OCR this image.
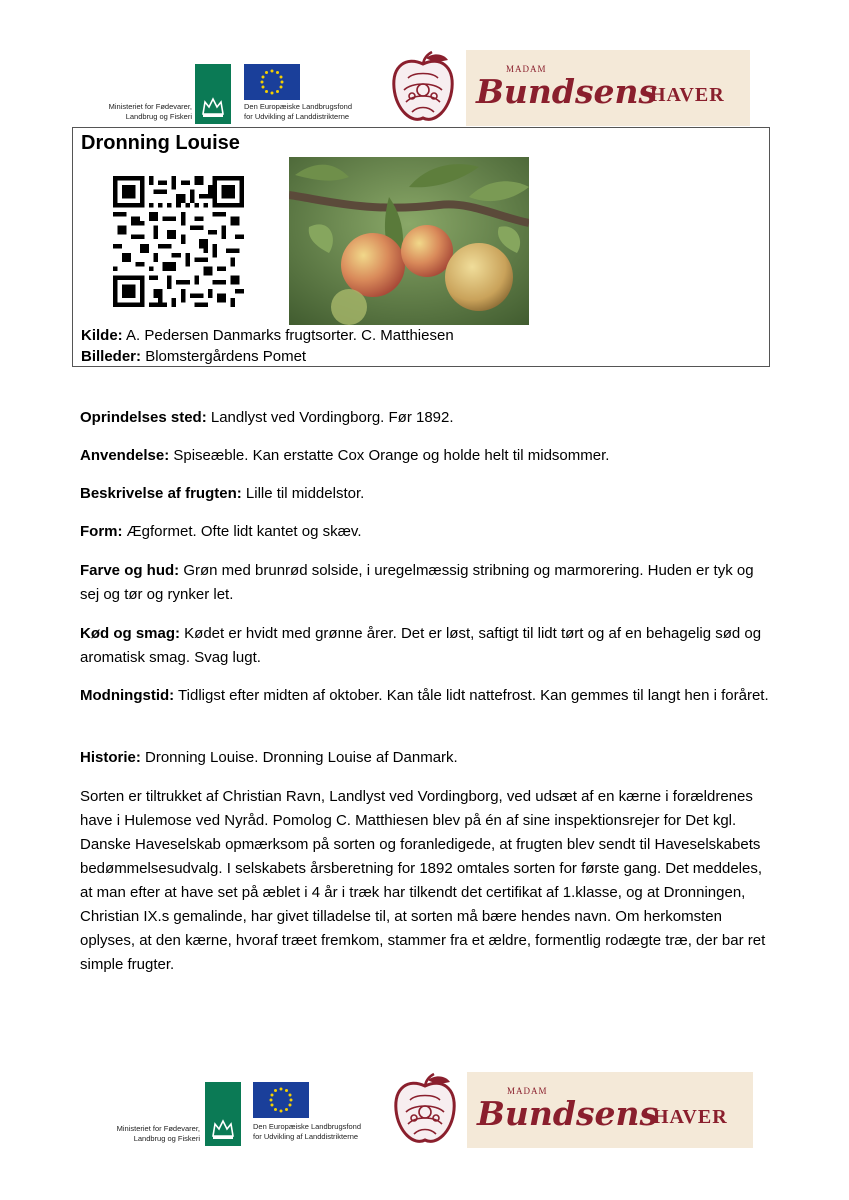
Ministeriet for Fødevarer,
Landbrug og Fiskeri
Den Europæiske Landbrugsfond
for Udvikling af Landdistrikterne
MADAM
Bundsens
HAVER
Dronning Louise
Kilde: A. Pedersen Danmarks frugtsorter. C. Matthiesen
Billeder: Blomstergårdens Pomet
Oprindelses sted: Landlyst ved Vordingborg. Før 1892.
Anvendelse: Spiseæble. Kan erstatte Cox Orange og holde helt til midsommer.
Beskrivelse af frugten: Lille til middelstor.
Form: Ægformet. Ofte lidt kantet og skæv.
Farve og hud: Grøn med brunrød solside, i uregelmæssig stribning og marmorering. Huden er tyk og sej og tør og rynker let.
Kød og smag: Kødet er hvidt med grønne årer. Det er løst, saftigt til lidt tørt og af en behagelig sød og aromatisk smag. Svag lugt.
Modningstid: Tidligst efter midten af oktober. Kan tåle lidt nattefrost. Kan gemmes til langt hen i foråret.
Historie: Dronning Louise. Dronning Louise af Danmark.
Sorten er tiltrukket af Christian Ravn, Landlyst ved Vordingborg, ved udsæt af en kærne i forældrenes have i Hulemose ved Nyråd. Pomolog C. Matthiesen blev på én af sine inspektionsrejer for Det kgl. Danske Haveselskab opmærksom på sorten og foranledigede, at frugten blev sendt til Haveselskabets bedømmelsesudvalg. I selskabets årsberetning for 1892 omtales sorten for første gang. Det meddeles, at man efter at have set på æblet i 4 år i træk har tilkendt det certifikat af 1.klasse, og at Dronningen, Christian IX.s gemalinde, har givet tilladelse til, at sorten må bære hendes navn. Om herkomsten oplyses, at den kærne, hvoraf træet fremkom, stammer fra et ældre, formentlig rodægte træ, der bar ret simple frugter.
Ministeriet for Fødevarer,
Landbrug og Fiskeri
Den Europæiske Landbrugsfond
for Udvikling af Landdistrikterne
MADAM
Bundsens
HAVER
